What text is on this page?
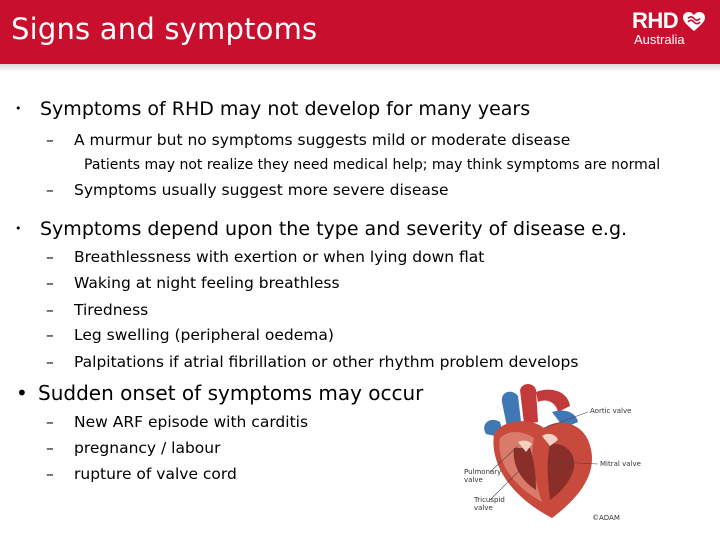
Signs and symptoms	RHD
Australia
• Symptoms of RHD may not develop for many years

– A murmur but no symptoms suggests mild or moderate disease

Patients may not realize they need medical help; may think symptoms are normal

– Symptoms usually suggest more severe disease

• Symptoms depend upon the type and severity of disease e.g.

– Breathlessness with exertion or when lying down flat

– Waking at night feeling breathless

– Tiredness

– Leg swelling (peripheral oedema)

– Palpitations if atrial fibrillation or other rhythm problem develops

• Sudden onset of symptoms may occur

– New ARF episode with carditis

– pregnancy / labour

– rupture of valve cord

Aortic valve
Mitral valve
Pulmonary
valve
Tricuspid
valve
©ADAM
